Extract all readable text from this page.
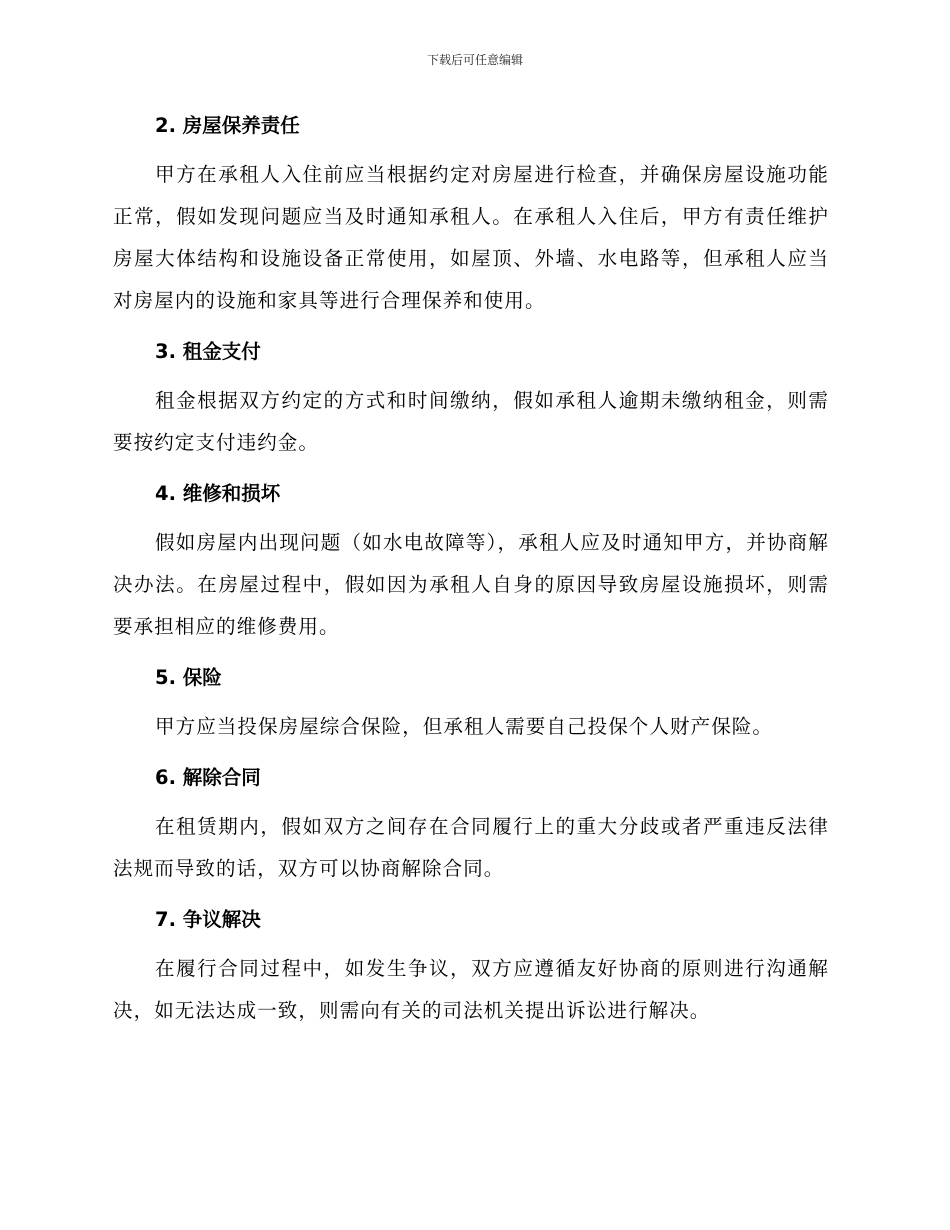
下载后可任意编辑
2. 房屋保养责任

甲方在承租人入住前应当根据约定对房屋进行检查，并确保房屋设施功能正常，假如发现问题应当及时通知承租人。在承租人入住后，甲方有责任维护房屋大体结构和设施设备正常使用，如屋顶、外墙、水电路等，但承租人应当对房屋内的设施和家具等进行合理保养和使用。

3. 租金支付

租金根据双方约定的方式和时间缴纳，假如承租人逾期未缴纳租金，则需要按约定支付违约金。

4. 维修和损坏

假如房屋内出现问题（如水电故障等），承租人应及时通知甲方，并协商解决办法。在房屋过程中，假如因为承租人自身的原因导致房屋设施损坏，则需要承担相应的维修费用。

5. 保险

甲方应当投保房屋综合保险，但承租人需要自己投保个人财产保险。

6. 解除合同

在租赁期内，假如双方之间存在合同履行上的重大分歧或者严重违反法律法规而导致的话，双方可以协商解除合同。

7. 争议解决

在履行合同过程中，如发生争议，双方应遵循友好协商的原则进行沟通解决，如无法达成一致，则需向有关的司法机关提出诉讼进行解决。
